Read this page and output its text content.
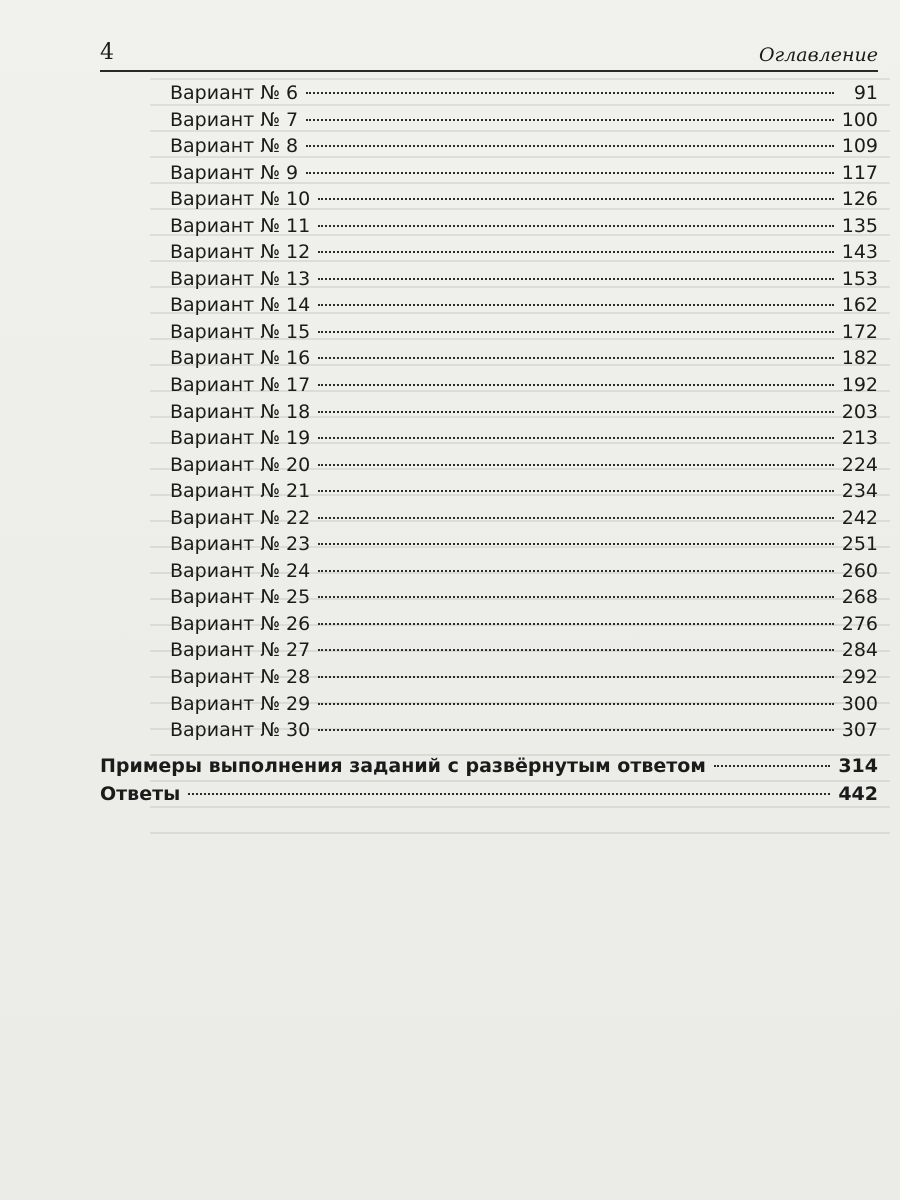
4	Оглавление
Вариант № 6	91
Вариант № 7	100
Вариант № 8	109
Вариант № 9	117
Вариант № 10	126
Вариант № 11	135
Вариант № 12	143
Вариант № 13	153
Вариант № 14	162
Вариант № 15	172
Вариант № 16	182
Вариант № 17	192
Вариант № 18	203
Вариант № 19	213
Вариант № 20	224
Вариант № 21	234
Вариант № 22	242
Вариант № 23	251
Вариант № 24	260
Вариант № 25	268
Вариант № 26	276
Вариант № 27	284
Вариант № 28	292
Вариант № 29	300
Вариант № 30	307
Примеры выполнения заданий с развёрнутым ответом	314
Ответы	442
